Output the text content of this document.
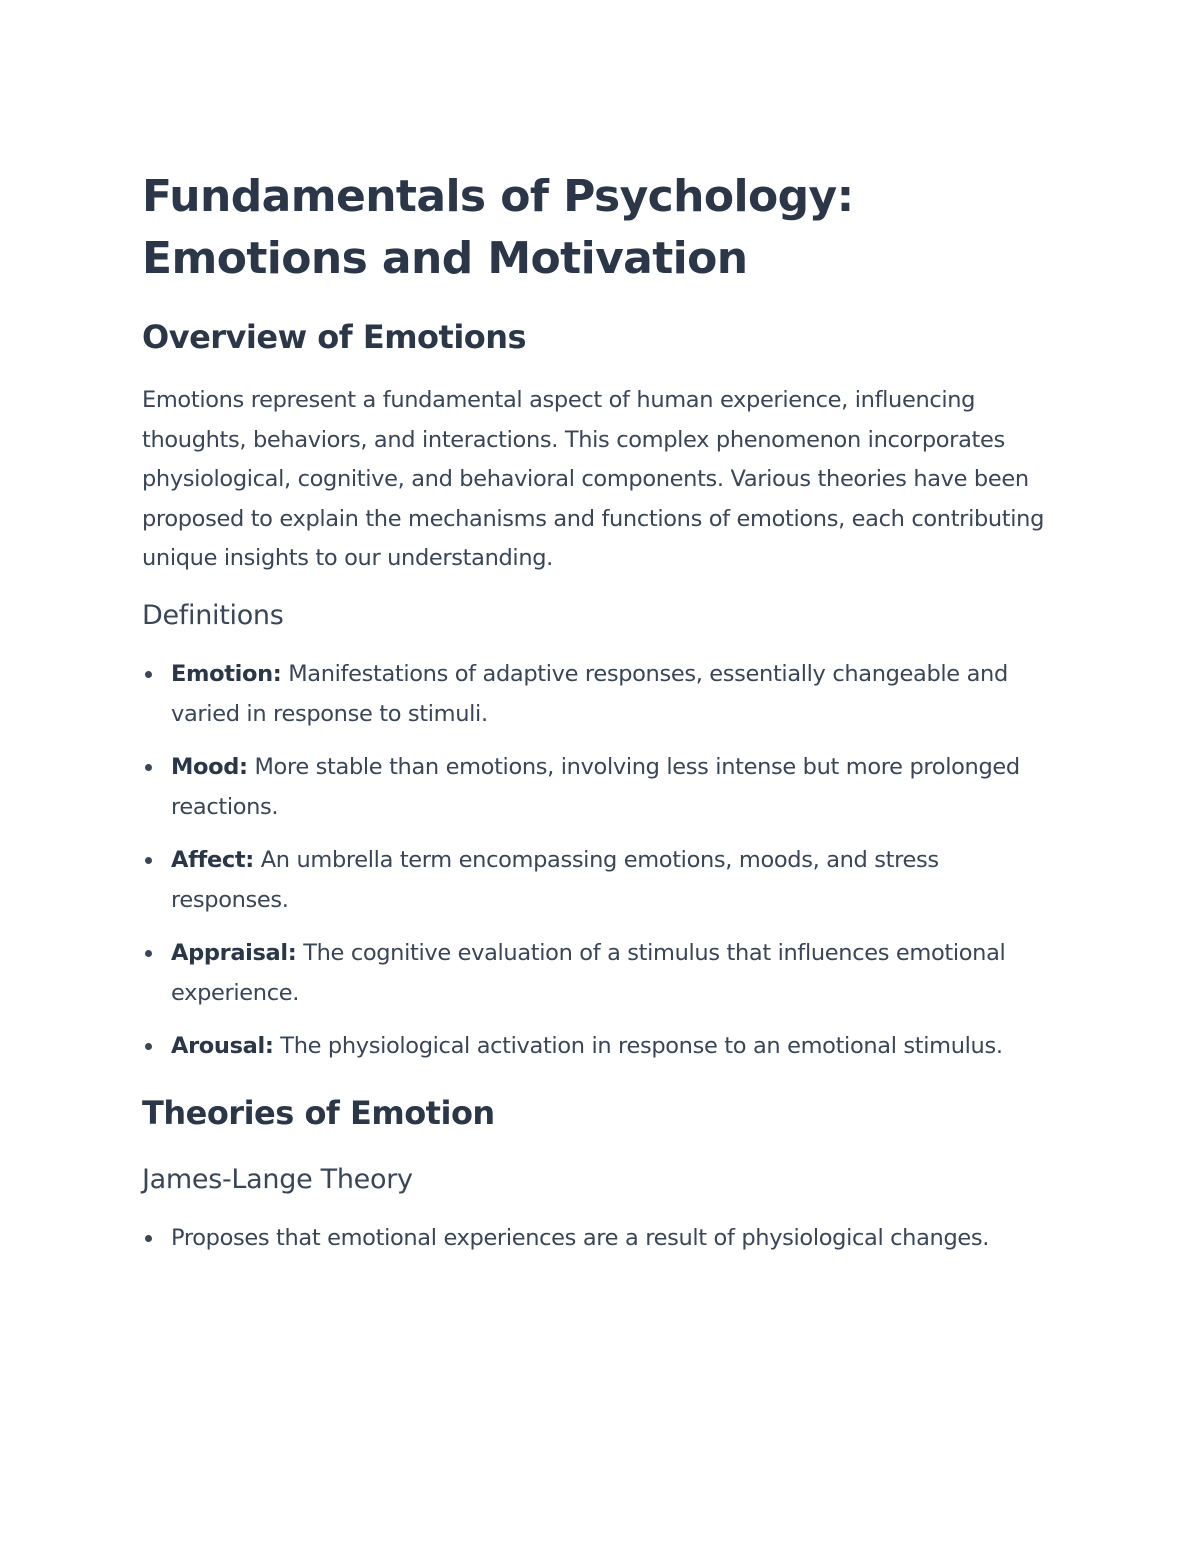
Fundamentals of Psychology: Emotions and Motivation
Overview of Emotions

Emotions represent a fundamental aspect of human experience, influencing thoughts, behaviors, and interactions. This complex phenomenon incorporates physiological, cognitive, and behavioral components. Various theories have been proposed to explain the mechanisms and functions of emotions, each contributing unique insights to our understanding.

Definitions
Emotion: Manifestations of adaptive responses, essentially changeable and varied in response to stimuli.
Mood: More stable than emotions, involving less intense but more prolonged reactions.
Affect: An umbrella term encompassing emotions, moods, and stress responses.
Appraisal: The cognitive evaluation of a stimulus that influences emotional experience.
Arousal: The physiological activation in response to an emotional stimulus.
Theories of Emotion
James-Lange Theory
Proposes that emotional experiences are a result of physiological changes.
